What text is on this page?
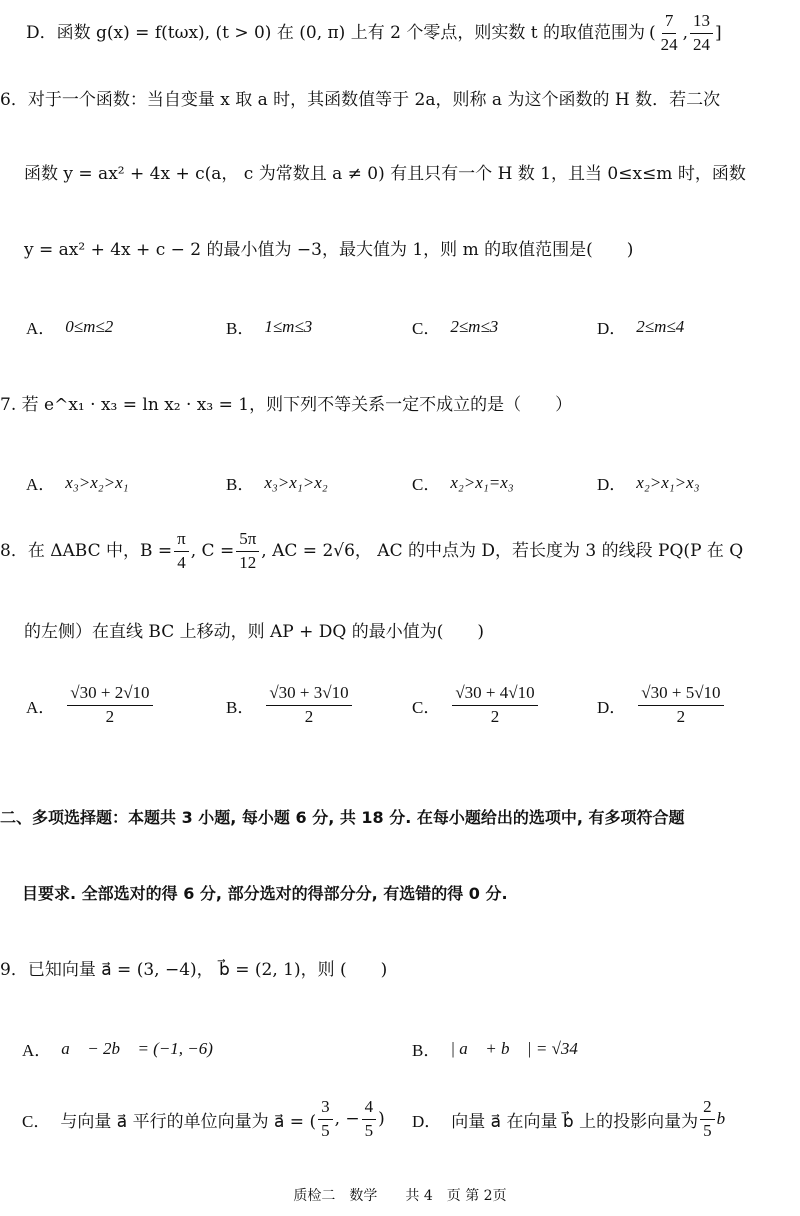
D． 函数 g(x) = f(tωx), (t > 0) 在 (0, π) 上有 2 个零点，则实数 t 的取值范围为 ( $\frac{7}{24}$ , $\frac{13}{24}$ ]
6．对于一个函数：当自变量 x 取 a 时，其函数值等于 2a，则称 a 为这个函数的 H 数．若二次
函数 y = ax² + 4x + c(a， c 为常数且 a ≠ 0) 有且只有一个 H 数 1，且当 0≤x≤m 时，函数
y = ax² + 4x + c − 2 的最小值为 −3，最大值为 1，则 m 的取值范围是(　　)
A． 0≤m≤2	B． 1≤m≤3	C． 2≤m≤3	D． 2≤m≤4
7. 若 e^x₁ · x₃ = ln x₂ · x₃ = 1，则下列不等关系一定不成立的是（　　）
A． x₃>x₂>x₁	B． x₃>x₁>x₂	C． x₂>x₁=x₃	D． x₂>x₁>x₃
8．在 ΔABC 中，$B = \frac{\pi}{4}$ , $C = \frac{5\pi}{12}$ , AC = 2√6， AC 的中点为 D，若长度为 3 的线段 PQ(P 在 Q
的左侧）在直线 BC 上移动，则 AP + DQ 的最小值为(　　)
A． $\frac{√30 + 2√10}{2}$	B． $\frac{√30 + 3√10}{2}$	C． $\frac{√30 + 4√10}{2}$	D． $\frac{√30 + 5√10}{2}$
二、多项选择题：本题共 3 小题, 每小题 6 分, 共 18 分. 在每小题给出的选项中, 有多项符合题
目要求. 全部选对的得 6 分, 部分选对的得部分分, 有选错的得 0 分.
9．已知向量 a⃗ = (3, −4)， b⃗ = (2, 1)，则 (　　)
A． a⃗ − 2b⃗ = (−1, −6)	B． | a⃗ + b⃗ | = √34
C． 与向量 a⃗ 平行的单位向量为 a⃗ = ( $\frac{3}{5}$ , − $\frac{4}{5}$ ) D． 向量 a⃗ 在向量 b⃗ 上的投影向量为 $\frac{2}{5}$ b⃗
质检二　数学　　共 4　页 第 2页
